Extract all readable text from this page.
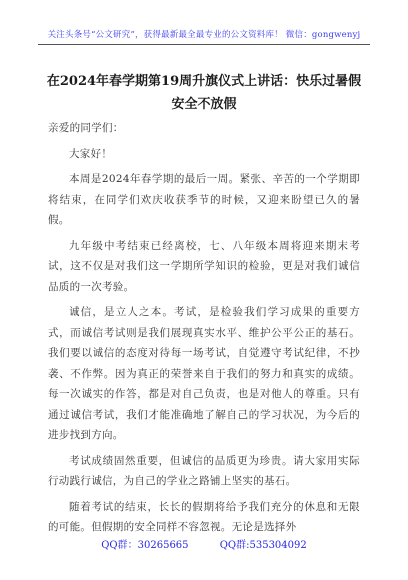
关注头条号“公文研究”，获得最新最全最专业的公文资料库！ 微信：gongwenyj
在2024年春学期第19周升旗仪式上讲话：快乐过暑假 安全不放假

亲爱的同学们：

大家好！

本周是2024年春学期的最后一周。紧张、辛苦的一个学期即将结束，在同学们欢庆收获季节的时候，又迎来盼望已久的暑假。

九年级中考结束已经离校，七、八年级本周将迎来期末考试，这不仅是对我们这一学期所学知识的检验，更是对我们诚信品质的一次考验。

诚信，是立人之本。考试，是检验我们学习成果的重要方式，而诚信考试则是我们展现真实水平、维护公平公正的基石。我们要以诚信的态度对待每一场考试，自觉遵守考试纪律，不抄袭、不作弊。因为真正的荣誉来自于我们的努力和真实的成绩。每一次诚实的作答，都是对自己负责，也是对他人的尊重。只有通过诚信考试，我们才能准确地了解自己的学习状况，为今后的进步找到方向。

考试成绩固然重要，但诚信的品质更为珍贵。请大家用实际行动践行诚信，为自己的学业之路铺上坚实的基石。

随着考试的结束，长长的假期将给予我们充分的休息和无限的可能。但假期的安全同样不容忽视。无论是选择外

QQ群：30265665	QQ群:535304092
